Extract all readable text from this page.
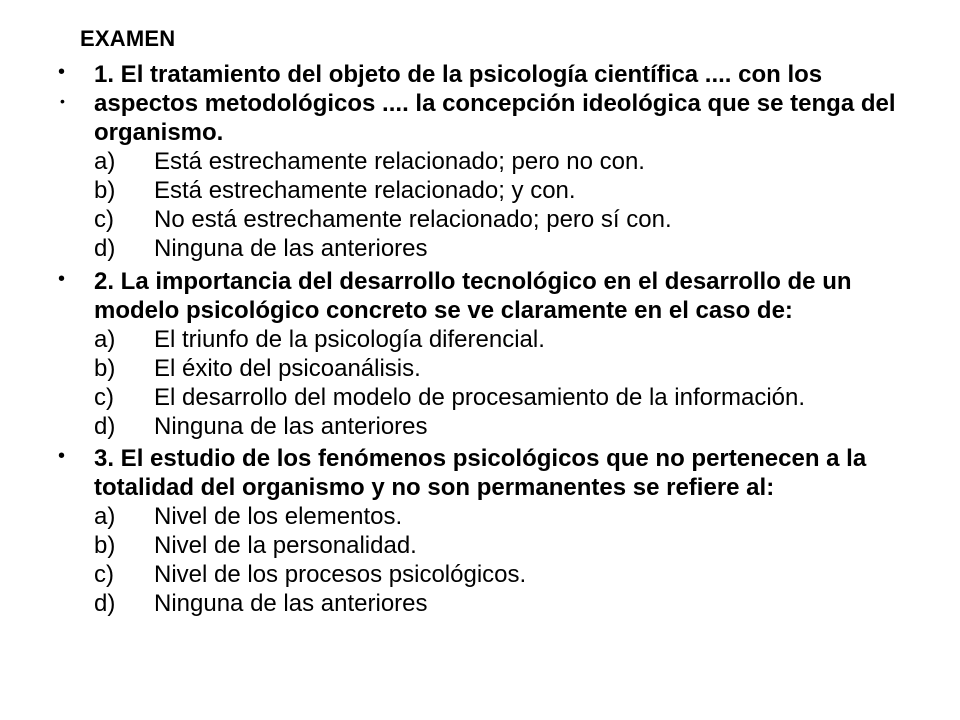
EXAMEN
•
•
1. El tratamiento del objeto de la psicología científica .... con los aspectos metodológicos .... la concepción ideológica que se tenga del organismo.
a)	Está estrechamente relacionado; pero no con.
b)	Está estrechamente relacionado; y con.
c)	No está estrechamente relacionado; pero sí con.
d)	Ninguna de las anteriores
• 2. La importancia del desarrollo tecnológico en el desarrollo de un modelo psicológico concreto se ve claramente en el caso de:
a)	El triunfo de la psicología diferencial.
b)	El éxito del psicoanálisis.
c)	El desarrollo del modelo de procesamiento de la información.
d)	Ninguna de las anteriores
• 3. El estudio de los fenómenos psicológicos que no pertenecen a la totalidad del organismo y no son permanentes se refiere al:
a)	Nivel de los elementos.
b)	Nivel de la personalidad.
c)	Nivel de los procesos psicológicos.
d)	Ninguna de las anteriores
